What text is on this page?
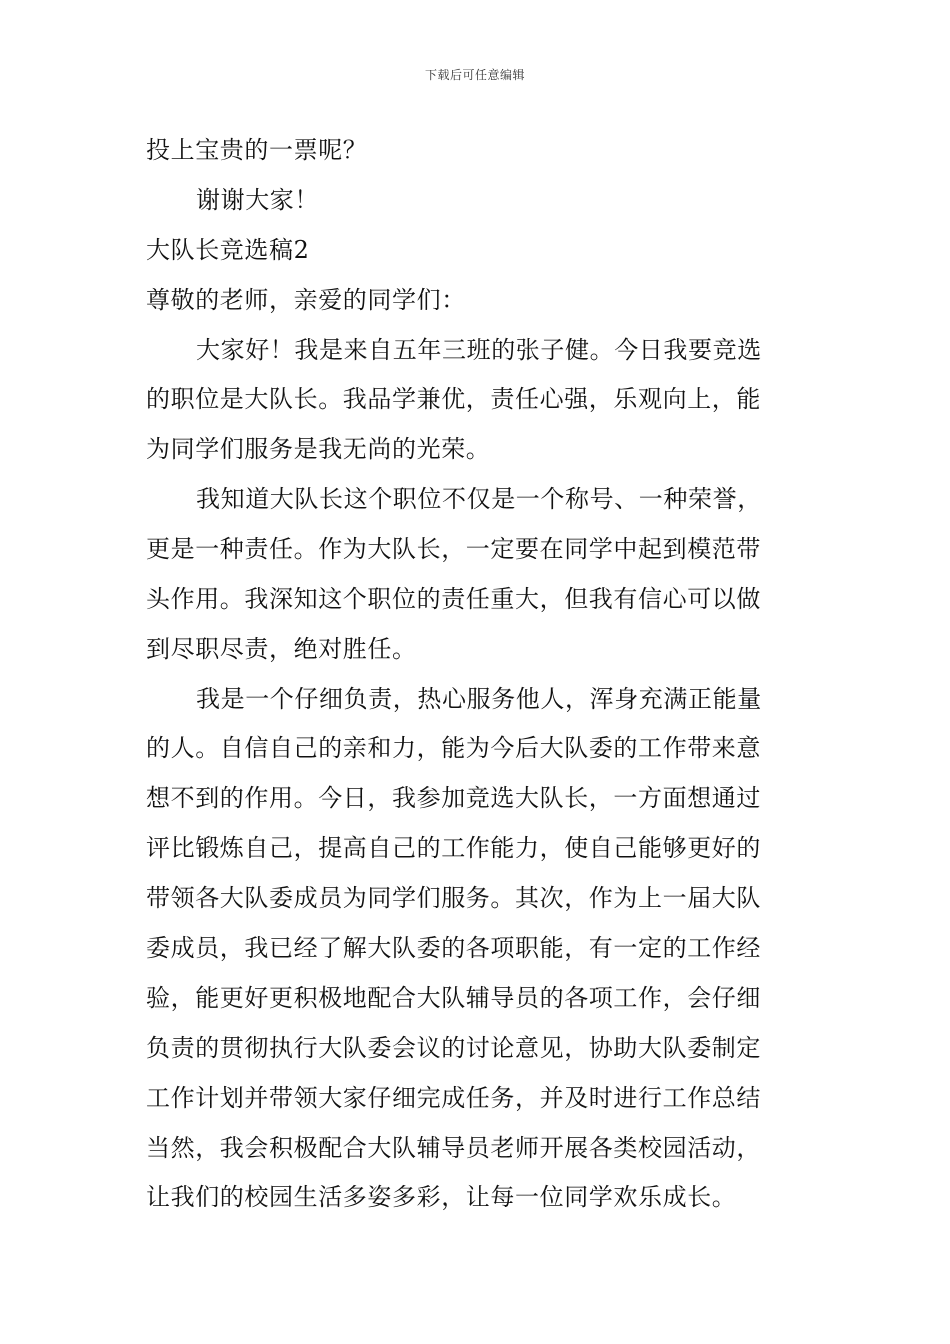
下载后可任意编辑
投上宝贵的一票呢？
谢谢大家！
大队长竞选稿2
尊敬的老师，亲爱的同学们：
大家好！我是来自五年三班的张子健。今日我要竞选
的职位是大队长。我品学兼优，责任心强，乐观向上，能
为同学们服务是我无尚的光荣。
我知道大队长这个职位不仅是一个称号、一种荣誉，
更是一种责任。作为大队长，一定要在同学中起到模范带
头作用。我深知这个职位的责任重大，但我有信心可以做
到尽职尽责，绝对胜任。
我是一个仔细负责，热心服务他人，浑身充满正能量
的人。自信自己的亲和力，能为今后大队委的工作带来意
想不到的作用。今日，我参加竞选大队长，一方面想通过
评比锻炼自己，提高自己的工作能力，使自己能够更好的
带领各大队委成员为同学们服务。其次，作为上一届大队
委成员，我已经了解大队委的各项职能，有一定的工作经
验，能更好更积极地配合大队辅导员的各项工作，会仔细
负责的贯彻执行大队委会议的讨论意见，协助大队委制定
工作计划并带领大家仔细完成任务，并及时进行工作总结
当然，我会积极配合大队辅导员老师开展各类校园活动，
让我们的校园生活多姿多彩，让每一位同学欢乐成长。
